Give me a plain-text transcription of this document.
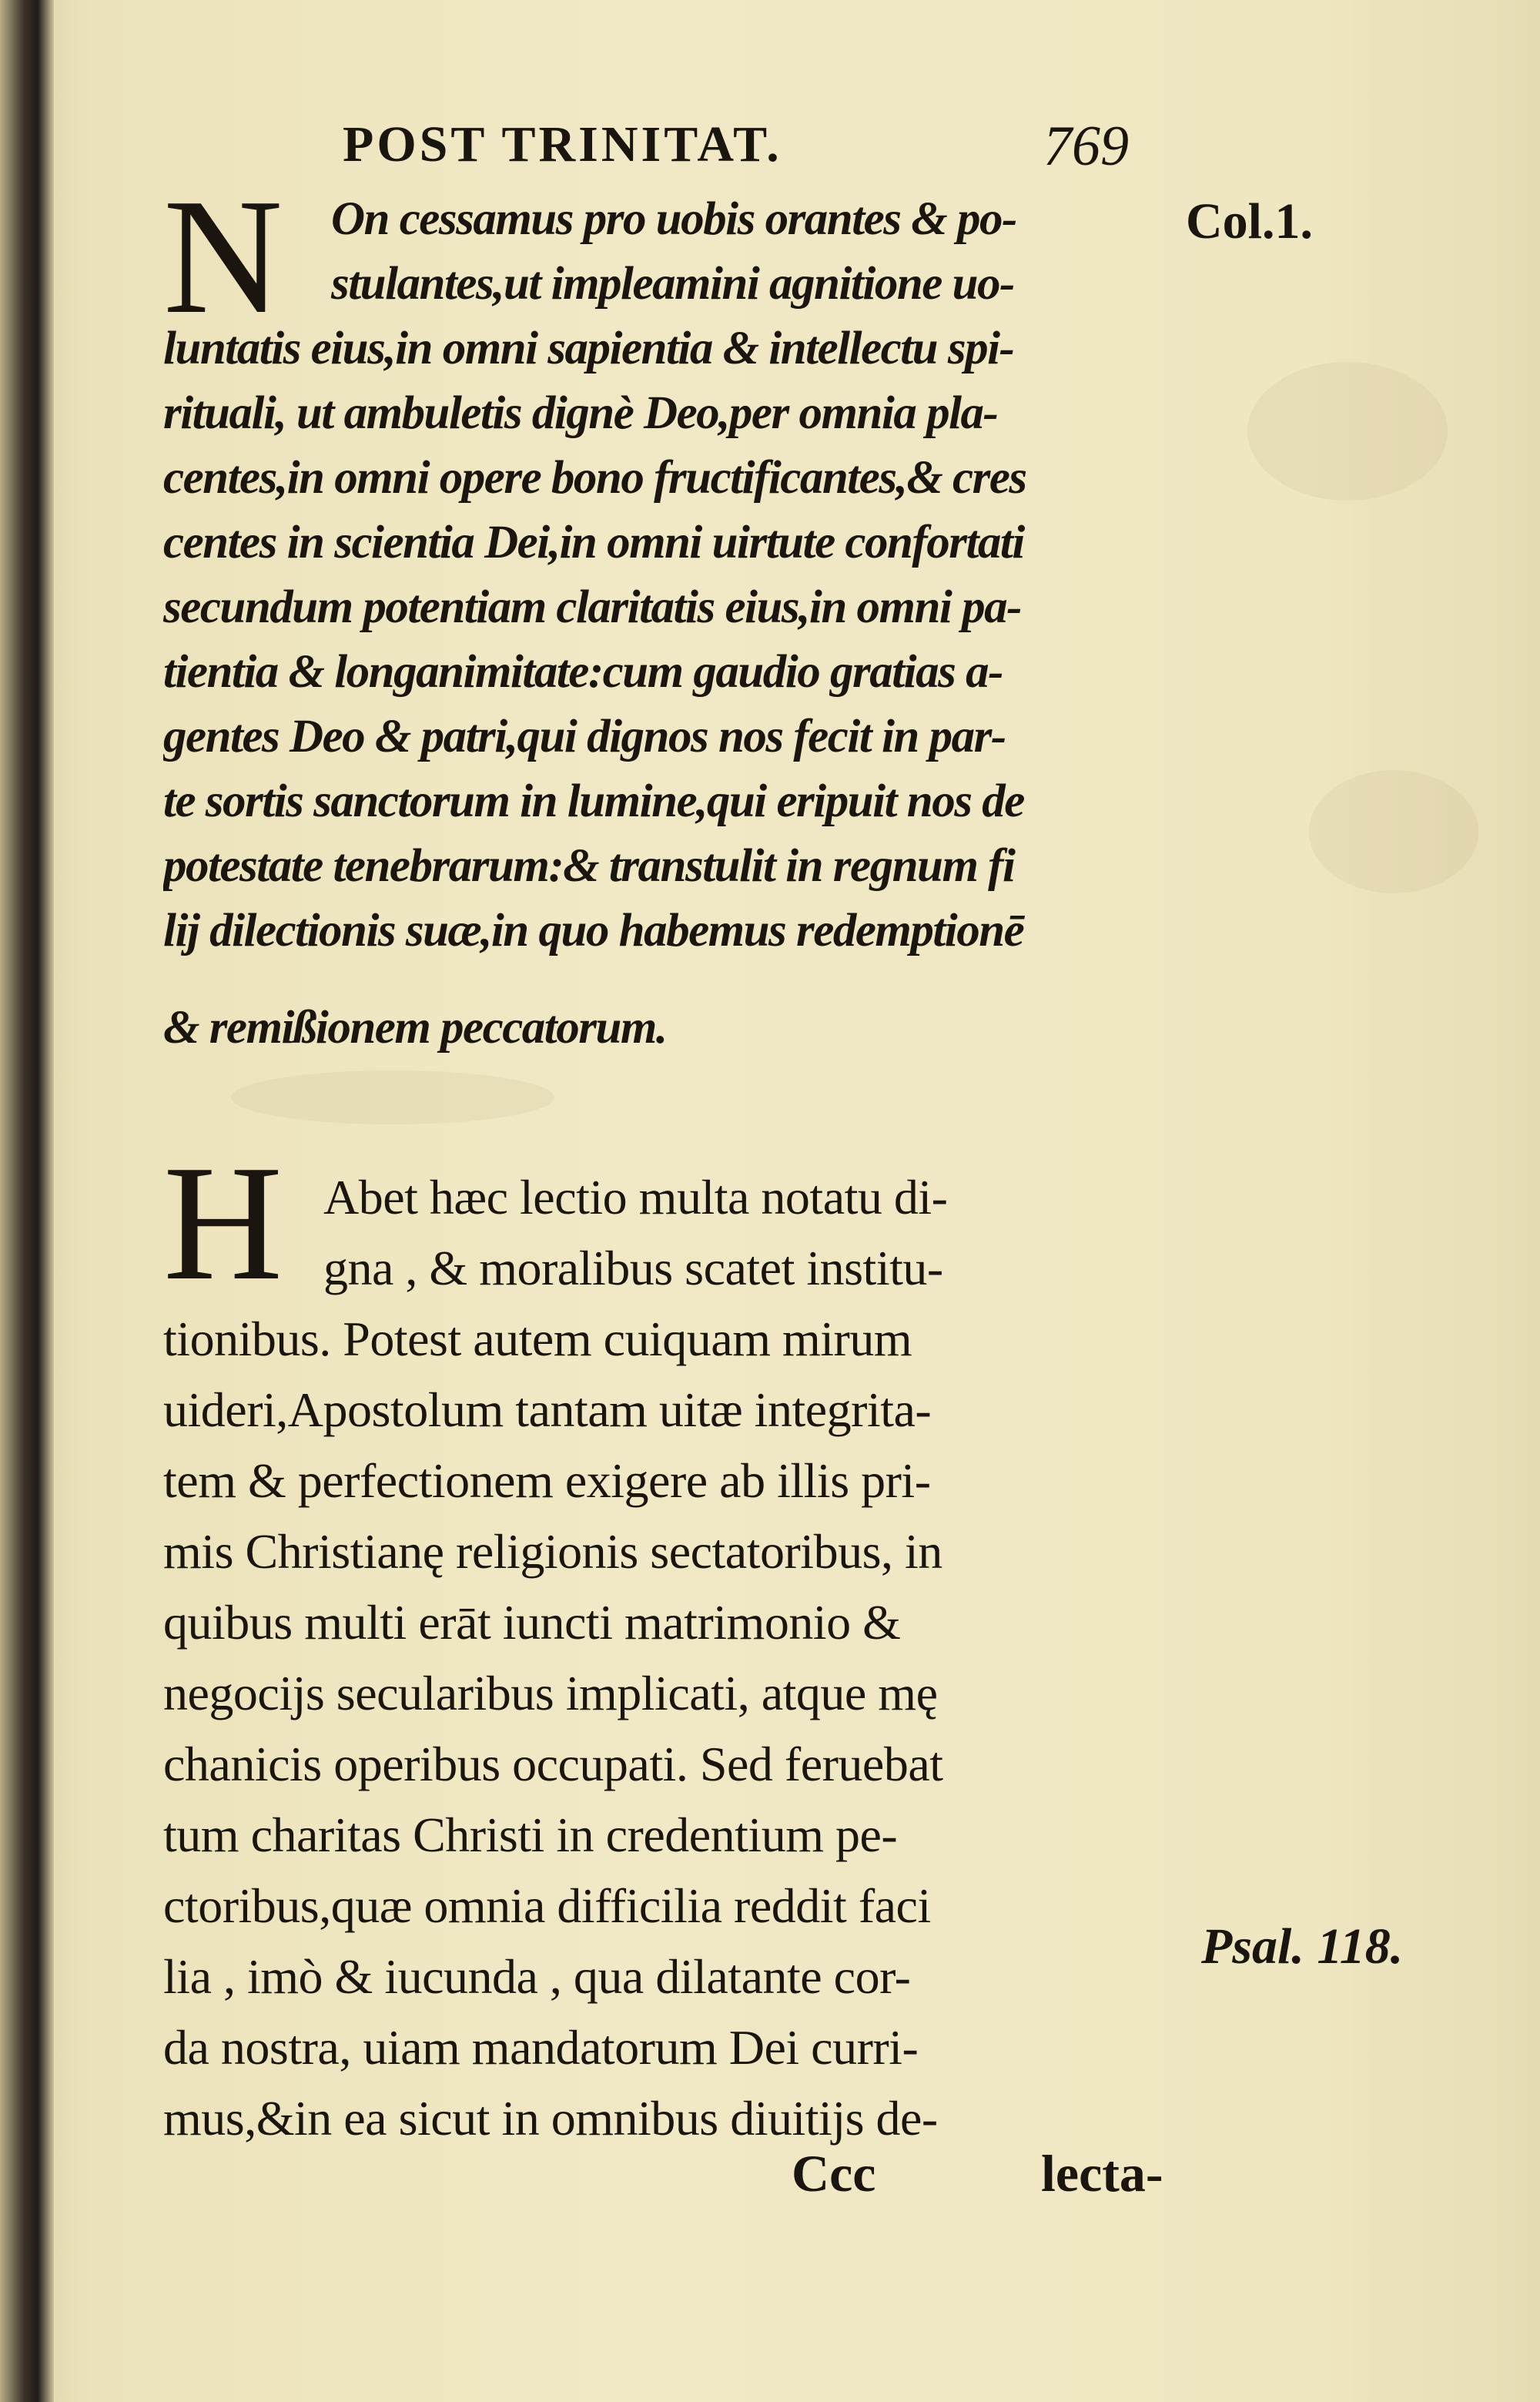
POST TRINITAT.	769
Col.1.
Psal. 118.
N On cessamus pro uobis orantes & po-
stulantes,ut impleamini agnitione uo-
luntatis eius,in omni sapientia & intellectu spi-
rituali, ut ambuletis dignè Deo,per omnia pla-
centes,in omni opere bono fructificantes,& cres
centes in scientia Dei,in omni uirtute confortati
secundum potentiam claritatis eius,in omni pa-
tientia & longanimitate:cum gaudio gratias a-
gentes Deo & patri,qui dignos nos fecit in par-
te sortis sanctorum in lumine,qui eripuit nos de
potestate tenebrarum:& transtulit in regnum fi
lij dilectionis suæ,in quo habemus redemptionē
& remißionem peccatorum.
H Abet hæc lectio multa notatu di-
gna , & moralibus scatet institu-
tionibus. Potest autem cuiquam mirum
uideri,Apostolum tantam uitæ integrita-
tem & perfectionem exigere ab illis pri-
mis Christianę religionis sectatoribus, in
quibus multi erāt iuncti matrimonio &
negocijs secularibus implicati, atque mę
chanicis operibus occupati. Sed feruebat
tum charitas Christi in credentium pe-
ctoribus,quæ omnia difficilia reddit faci
lia , imò & iucunda , qua dilatante cor-
da nostra, uiam mandatorum Dei curri-
mus,&in ea sicut in omnibus diuitijs de-
Ccc	lecta-
